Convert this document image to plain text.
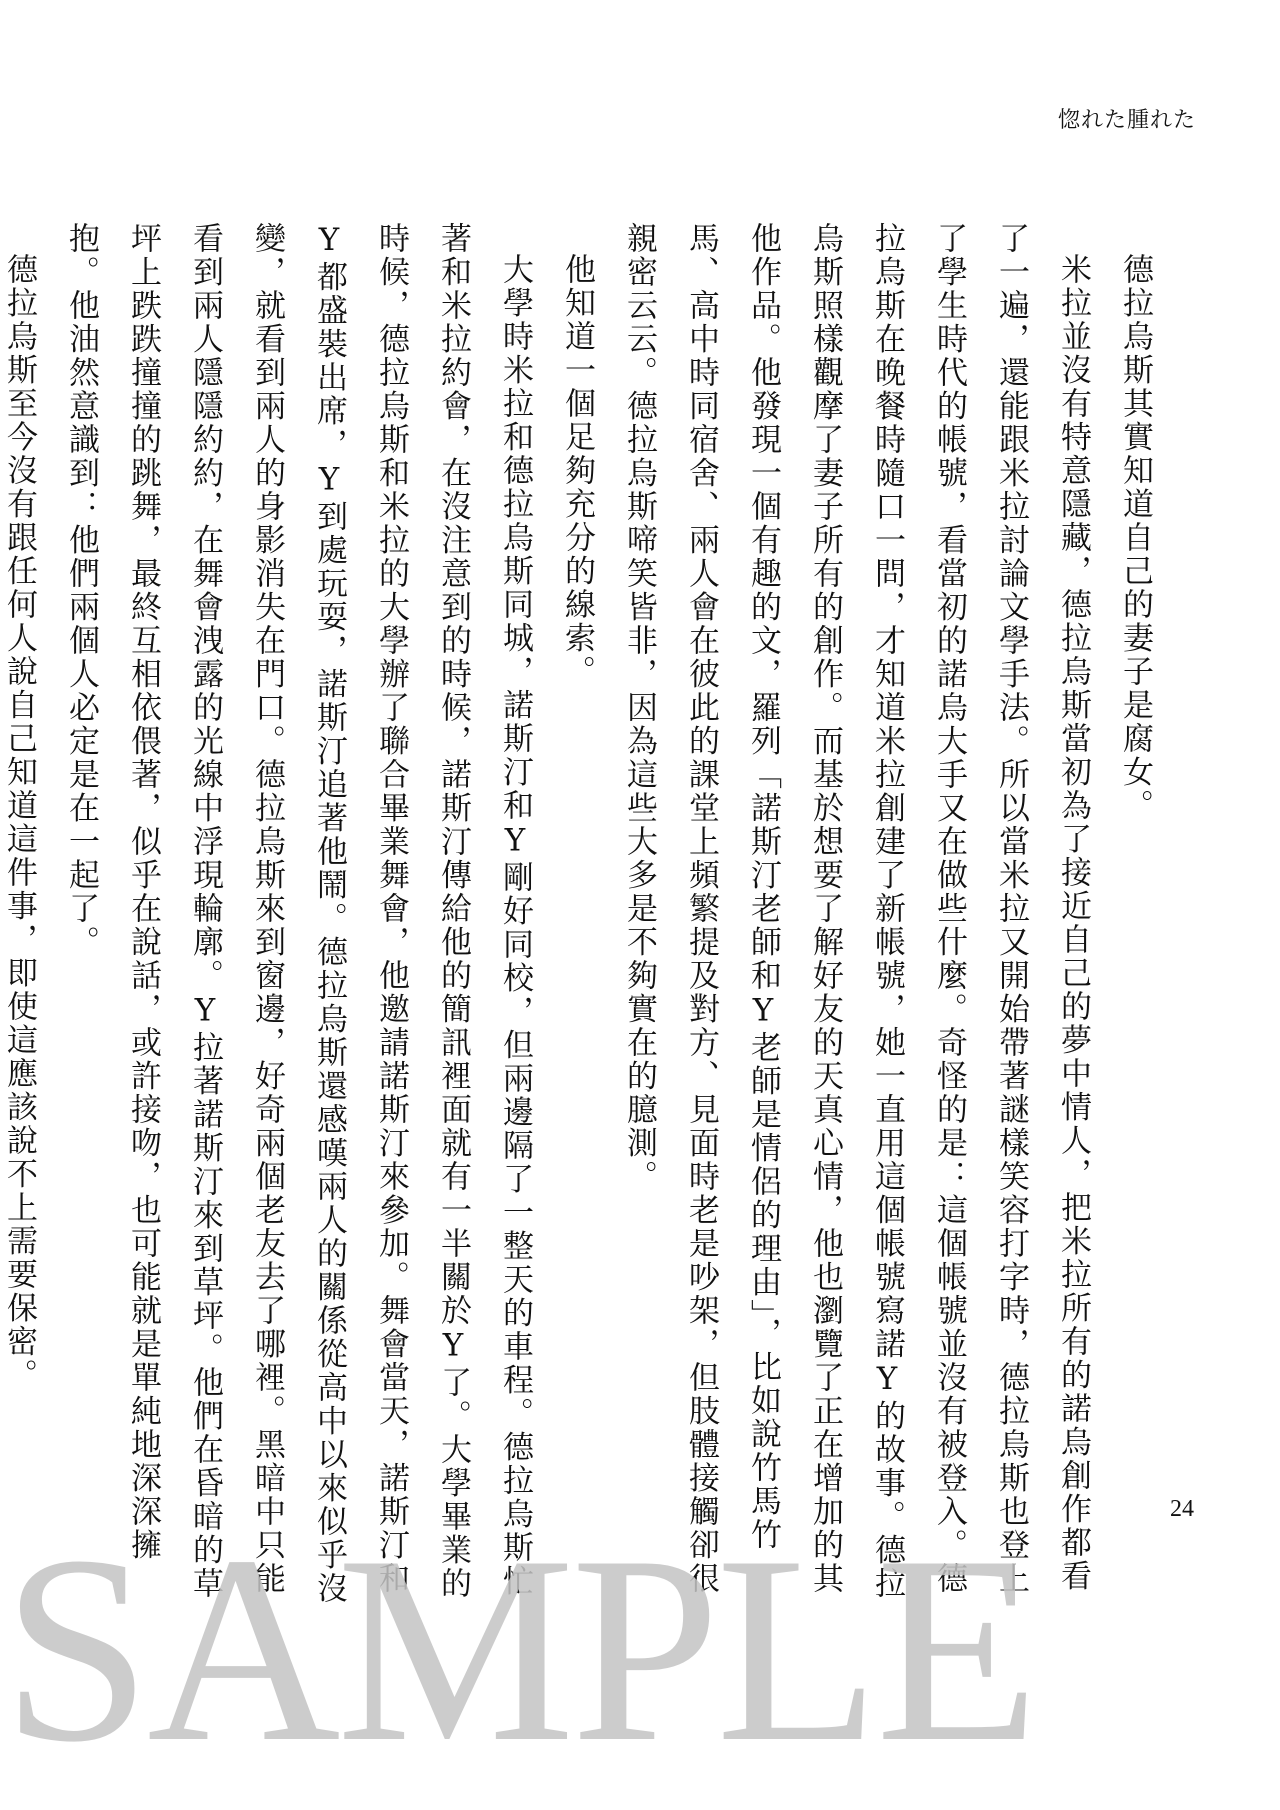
惚れた腫れた

德拉烏斯其實知道自己的妻子是腐女。

米拉並沒有特意隱藏，德拉烏斯當初為了接近自己的夢中情人，把米拉所有的諾烏創作都看了一遍，還能跟米拉討論文學手法。所以當米拉又開始帶著謎樣笑容打字時，德拉烏斯也登上了學生時代的帳號，看當初的諾烏大手又在做些什麼。奇怪的是：這個帳號並沒有被登入。德拉烏斯在晚餐時隨口一問，才知道米拉創建了新帳號，她一直用這個帳號寫諾Y的故事。德拉烏斯照樣觀摩了妻子所有的創作。而基於想要了解好友的天真心情，他也瀏覽了正在增加的其他作品。他發現一個有趣的文，羅列「諾斯汀老師和Y老師是情侶的理由」，比如說竹馬竹馬、高中時同宿舍、兩人會在彼此的課堂上頻繁提及對方、見面時老是吵架，但肢體接觸卻很親密云云。德拉烏斯啼笑皆非，因為這些大多是不夠實在的臆測。

他知道一個足夠充分的線索。

大學時米拉和德拉烏斯同城，諾斯汀和Y剛好同校，但兩邊隔了一整天的車程。德拉烏斯忙著和米拉約會，在沒注意到的時候，諾斯汀傳給他的簡訊裡面就有一半關於Y了。大學畢業的時候，德拉烏斯和米拉的大學辦了聯合畢業舞會，他邀請諾斯汀來參加。舞會當天，諾斯汀和Y都盛裝出席，Y到處玩耍，諾斯汀追著他鬧。德拉烏斯還感嘆兩人的關係從高中以來似乎沒變，就看到兩人的身影消失在門口。德拉烏斯來到窗邊，好奇兩個老友去了哪裡。黑暗中只能看到兩人隱隱約約，在舞會洩露的光線中浮現輪廓。Y拉著諾斯汀來到草坪。他們在昏暗的草坪上跌跌撞撞的跳舞，最終互相依偎著，似乎在說話，或許接吻，也可能就是單純地深深擁抱。他油然意識到：他們兩個人必定是在一起了。

德拉烏斯至今沒有跟任何人說自己知道這件事，即使這應該說不上需要保密。

24
SAMPLE
